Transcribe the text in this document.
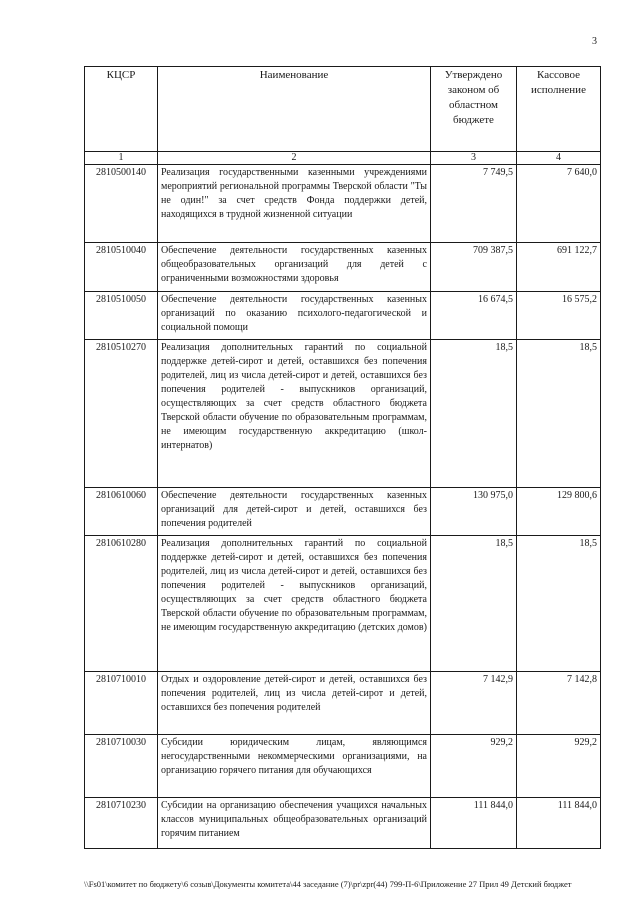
3
КЦСР	Наименование	Утверждено законом об областном бюджете	Кассовое исполнение
1	2	3	4
2810500140	Реализация государственными казенными учреждениями мероприятий региональной программы Тверской области "Ты не один!" за счет средств Фонда поддержки детей, находящихся в трудной жизненной ситуации	7 749,5	7 640,0
2810510040	Обеспечение деятельности государственных казенных общеобразовательных организаций для детей с ограниченными возможностями здоровья	709 387,5	691 122,7
2810510050	Обеспечение деятельности государственных казенных организаций по оказанию психолого-педагогической и социальной помощи	16 674,5	16 575,2
2810510270	Реализация дополнительных гарантий по социальной поддержке детей-сирот и детей, оставшихся без попечения родителей, лиц из числа детей-сирот и детей, оставшихся без попечения родителей - выпускников организаций, осуществляющих за счет средств областного бюджета Тверской области обучение по образовательным программам, не имеющим государственную аккредитацию (школ-интернатов)	18,5	18,5
2810610060	Обеспечение деятельности государственных казенных организаций для детей-сирот и детей, оставшихся без попечения родителей	130 975,0	129 800,6
2810610280	Реализация дополнительных гарантий по социальной поддержке детей-сирот и детей, оставшихся без попечения родителей, лиц из числа детей-сирот и детей, оставшихся без попечения родителей - выпускников организаций, осуществляющих за счет средств областного бюджета Тверской области обучение по образовательным программам, не имеющим государственную аккредитацию (детских домов)	18,5	18,5
2810710010	Отдых и оздоровление детей-сирот и детей, оставшихся без попечения родителей, лиц из числа детей-сирот и детей, оставшихся без попечения родителей	7 142,9	7 142,8
2810710030	Субсидии юридическим лицам, являющимся негосударственными некоммерческими организациями, на организацию горячего питания для обучающихся	929,2	929,2
2810710230	Субсидии на организацию обеспечения учащихся начальных классов муниципальных общеобразовательных организаций горячим питанием	111 844,0	111 844,0
\\Fs01\комитет по бюджету\6 созыв\Документы комитета\44 заседание (7)\pr\zpr(44) 799-П-6\Приложение 27 Прил 49 Детский бюджет
